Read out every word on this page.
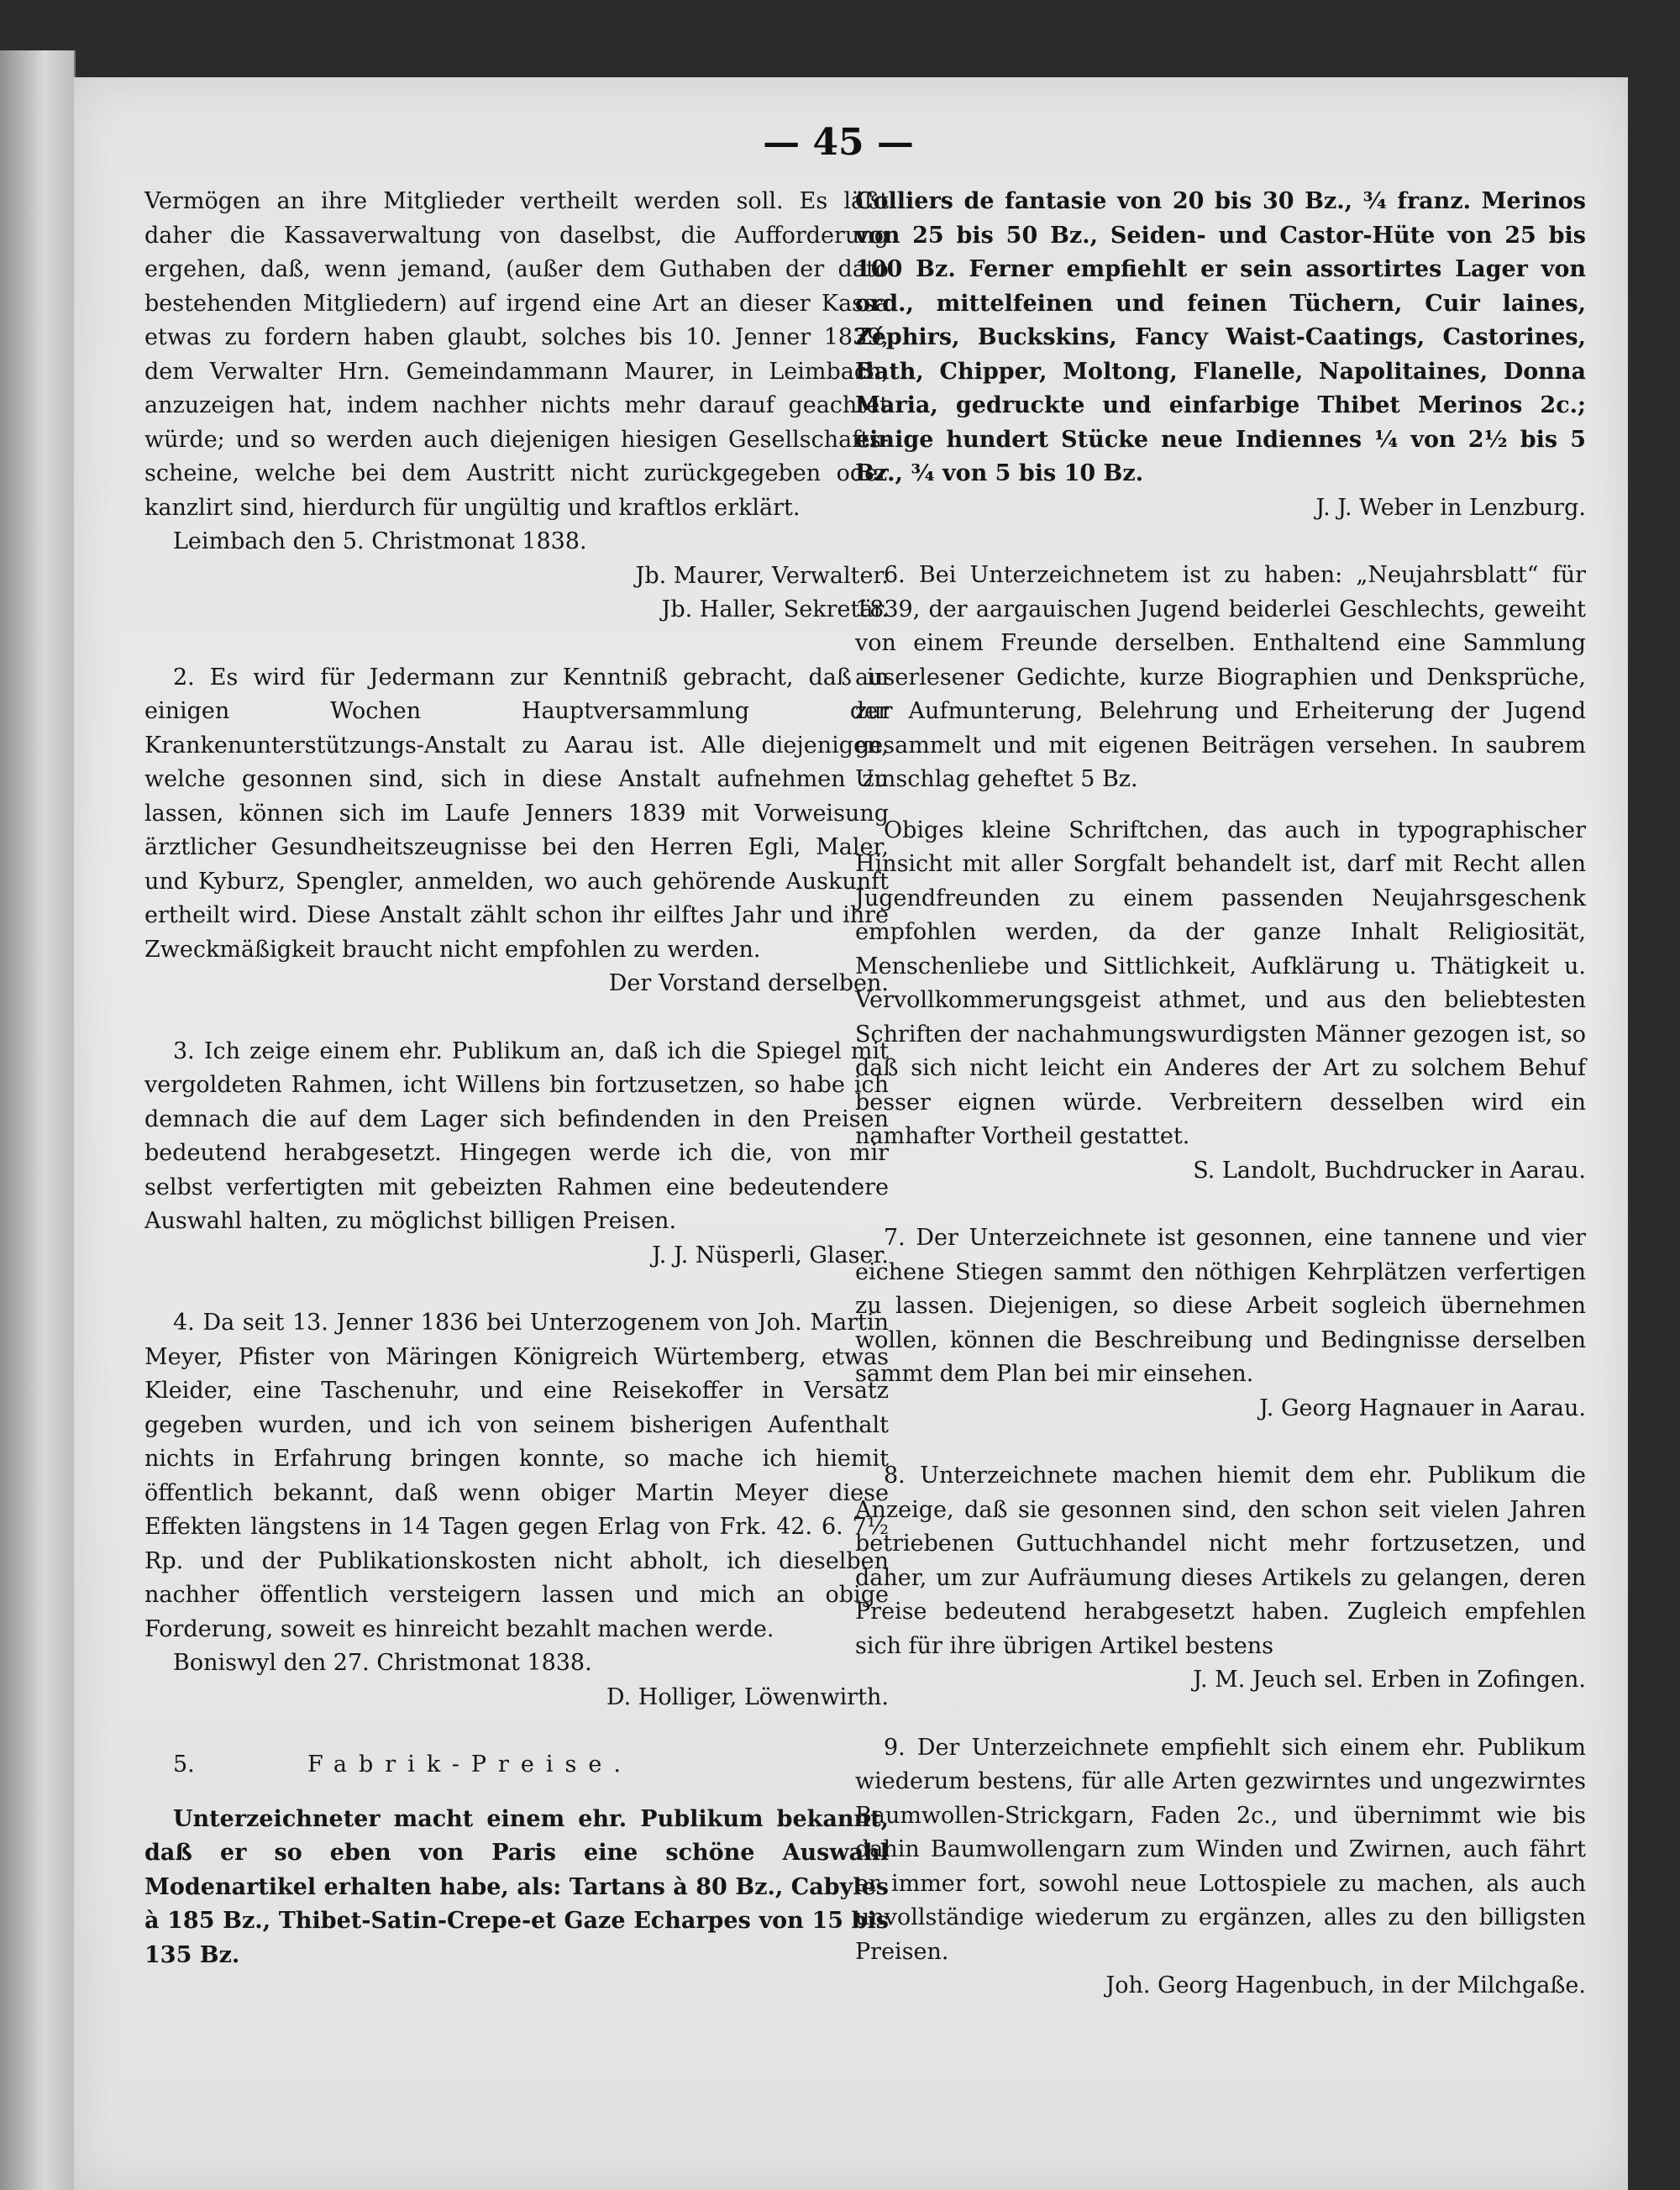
— 45 —

Vermögen an ihre Mitglieder vertheilt werden soll. Es läßt daher die Kassaverwaltung von daselbst, die Aufforderung ergehen, daß, wenn jemand, (außer dem Guthaben der dato bestehenden Mitgliedern) auf irgend eine Art an dieser Kassa etwas zu fordern haben glaubt, solches bis 10. Jenner 1839, dem Verwalter Hrn. Gemeindammann Maurer, in Leimbach, anzuzeigen hat, indem nachher nichts mehr darauf geachtet würde; und so werden auch diejenigen hiesigen Gesellschafts-scheine, welche bei dem Austritt nicht zurückgegeben oder kanzlirt sind, hierdurch für ungültig und kraftlos erklärt.

Leimbach den 5. Christmonat 1838.
Jb. Maurer, Verwalter.
Jb. Haller, Sekretär.

2. Es wird für Jedermann zur Kenntniß gebracht, daß in einigen Wochen Hauptversammlung der Krankenunterstützungs-Anstalt zu Aarau ist. Alle diejenigen, welche gesonnen sind, sich in diese Anstalt aufnehmen zu lassen, können sich im Laufe Jenners 1839 mit Vorweisung ärztlicher Gesundheitszeugnisse bei den Herren Egli, Maler, und Kyburz, Spengler, anmelden, wo auch gehörende Auskunft ertheilt wird. Diese Anstalt zählt schon ihr eilftes Jahr und ihre Zweckmäßigkeit braucht nicht empfohlen zu werden.

Der Vorstand derselben.

3. Ich zeige einem ehr. Publikum an, daß ich die Spiegel mit vergoldeten Rahmen, icht Willens bin fortzusetzen, so habe ich demnach die auf dem Lager sich befindenden in den Preisen bedeutend herabgesetzt. Hingegen werde ich die, von mir selbst verfertigten mit gebeizten Rahmen eine bedeutendere Auswahl halten, zu möglichst billigen Preisen.

J. J. Nüsperli, Glaser.

4. Da seit 13. Jenner 1836 bei Unterzogenem von Joh. Martin Meyer, Pfister von Märingen Königreich Würtemberg, etwas Kleider, eine Taschenuhr, und eine Reisekoffer in Versatz gegeben wurden, und ich von seinem bisherigen Aufenthalt nichts in Erfahrung bringen konnte, so mache ich hiemit öffentlich bekannt, daß wenn obiger Martin Meyer diese Effekten längstens in 14 Tagen gegen Erlag von Frk. 42. 6. 7½ Rp. und der Publikationskosten nicht abholt, ich dieselben nachher öffentlich versteigern lassen und mich an obige Forderung, soweit es hinreicht bezahlt machen werde.

Boniswyl den 27. Christmonat 1838.
D. Holliger, Löwenwirth.
5.	Fabrik-Preise.

Unterzeichneter macht einem ehr. Publikum bekannt, daß er so eben von Paris eine schöne Auswahl Modenartikel erhalten habe, als: Tartans à 80 Bz., Cabyles à 185 Bz., Thibet-Satin-Crepe-et Gaze Echarpes von 15 bis 135 Bz.

Colliers de fantasie von 20 bis 30 Bz., ¾ franz. Merinos von 25 bis 50 Bz., Seiden- und Castor-Hüte von 25 bis 100 Bz. Ferner empfiehlt er sein assortirtes Lager von ord., mittelfeinen und feinen Tüchern, Cuir laines, Zéphirs, Buckskins, Fancy Waist-Caatings, Castorines, Bath, Chipper, Moltong, Flanelle, Napolitaines, Donna Maria, gedruckte und einfarbige Thibet Merinos 2c.; einige hundert Stücke neue Indiennes ¼ von 2½ bis 5 Bz., ¾ von 5 bis 10 Bz.

J. J. Weber in Lenzburg.

6. Bei Unterzeichnetem ist zu haben: „Neujahrsblatt“ für 1839, der aargauischen Jugend beiderlei Geschlechts, geweiht von einem Freunde derselben. Enthaltend eine Sammlung auserlesener Gedichte, kurze Biographien und Denksprüche, zur Aufmunterung, Belehrung und Erheiterung der Jugend gesammelt und mit eigenen Beiträgen versehen. In saubrem Umschlag geheftet 5 Bz.

Obiges kleine Schriftchen, das auch in typographischer Hinsicht mit aller Sorgfalt behandelt ist, darf mit Recht allen Jugendfreunden zu einem passenden Neujahrsgeschenk empfohlen werden, da der ganze Inhalt Religiosität, Menschenliebe und Sittlichkeit, Aufklärung u. Thätigkeit u. Vervollkommerungsgeist athmet, und aus den beliebtesten Schriften der nachahmungswurdigsten Männer gezogen ist, so daß sich nicht leicht ein Anderes der Art zu solchem Behuf besser eignen würde. Verbreitern desselben wird ein namhafter Vortheil gestattet.

S. Landolt, Buchdrucker in Aarau.

7. Der Unterzeichnete ist gesonnen, eine tannene und vier eichene Stiegen sammt den nöthigen Kehrplätzen verfertigen zu lassen. Diejenigen, so diese Arbeit sogleich übernehmen wollen, können die Beschreibung und Bedingnisse derselben sammt dem Plan bei mir einsehen.

J. Georg Hagnauer in Aarau.

8. Unterzeichnete machen hiemit dem ehr. Publikum die Anzeige, daß sie gesonnen sind, den schon seit vielen Jahren betriebenen Guttuchhandel nicht mehr fortzusetzen, und daher, um zur Aufräumung dieses Artikels zu gelangen, deren Preise bedeutend herabgesetzt haben. Zugleich empfehlen sich für ihre übrigen Artikel bestens

J. M. Jeuch sel. Erben in Zofingen.

9. Der Unterzeichnete empfiehlt sich einem ehr. Publikum wiederum bestens, für alle Arten gezwirntes und ungezwirntes Baumwollen-Strickgarn, Faden 2c., und übernimmt wie bis dahin Baumwollengarn zum Winden und Zwirnen, auch fährt er immer fort, sowohl neue Lottospiele zu machen, als auch unvollständige wiederum zu ergänzen, alles zu den billigsten Preisen.

Joh. Georg Hagenbuch, in der Milchgaße.
